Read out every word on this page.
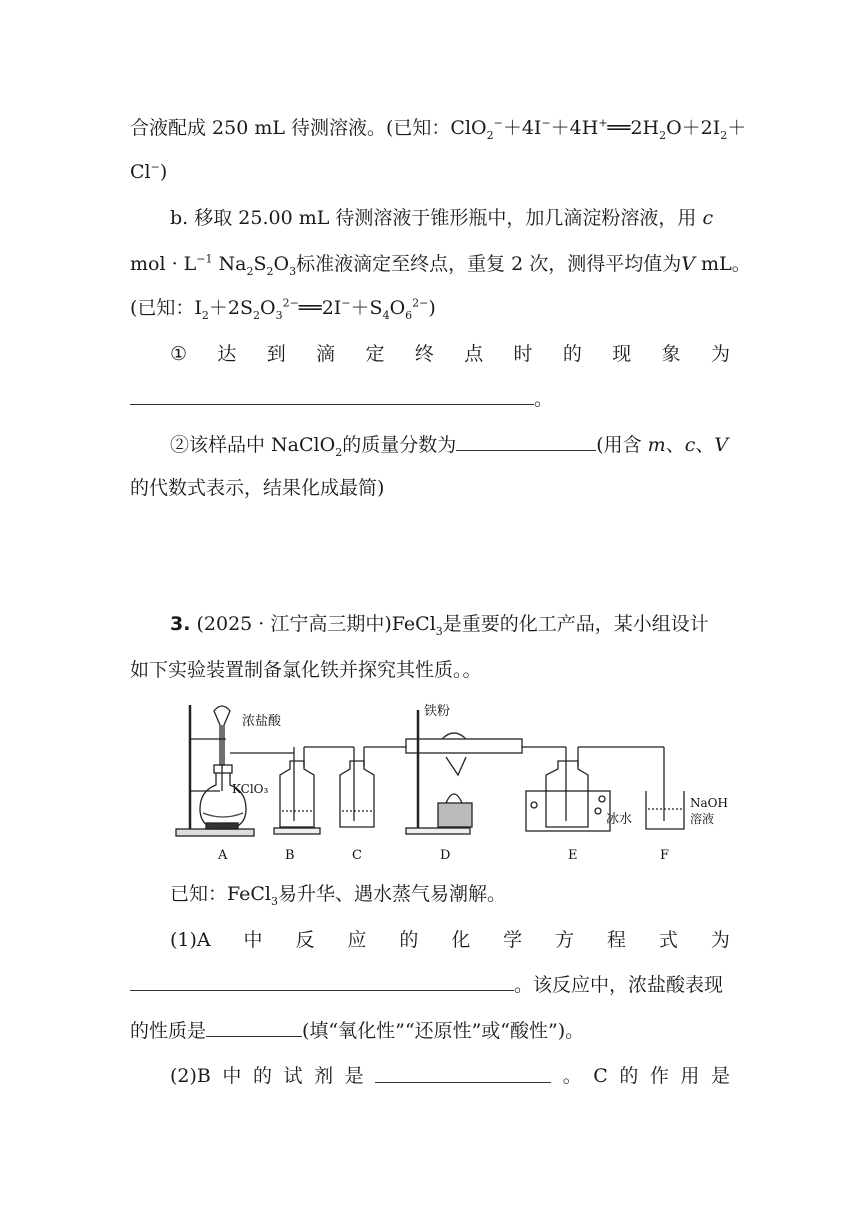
合液配成 250 mL 待测溶液。(已知：$ClO_2^-+4I^-+4H^+══2H_2O+2I_2+$
Cl−)
b. 移取 25.00 mL 待测溶液于锥形瓶中，加几滴淀粉溶液，用 c
mol · $L^{-1}$ $Na_2S_2O_3$标准液滴定至终点，重复 2 次，测得平均值为V mL。
(已知：$I_2+2S_2O_3^{2-}══2I^-+S_4O_6^{2-}$)
① 达 到 滴 定 终 点 时 的 现 象 为
。
②该样品中 NaClO$_2$的质量分数为	(用含 m、c、V
的代数式表示，结果化成最简)
3. (2025 · 江宁高三期中)FeCl$_3$是重要的化工产品，某小组设计
如下实验装置制备氯化铁并探究其性质。。
浓盐酸
KClO₃
铁粉
冰水
NaOH
溶液
A	B	C	D	E	F
已知：FeCl$_3$易升华、遇水蒸气易潮解。
(1)A 中 反 应 的 化 学 方 程 式 为
。该反应中，浓盐酸表现
的性质是	(填“氧化性”“还原性”或“酸性”)。
(2)B 中 的 试 剂 是	。 C 的 作 用 是
